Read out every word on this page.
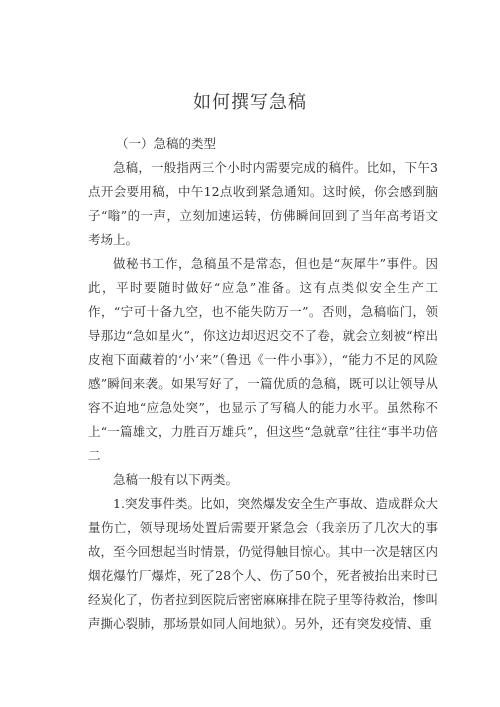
如何撰写急稿

（一）急稿的类型

急稿，一般指两三个小时内需要完成的稿件。比如，下午3点开会要用稿，中午12点收到紧急通知。这时候，你会感到脑子“嗡”的一声，立刻加速运转，仿佛瞬间回到了当年高考语文考场上。

做秘书工作，急稿虽不是常态，但也是“灰犀牛”事件。因此，平时要随时做好“应急”准备。这有点类似安全生产工作，“宁可十备九空，也不能失防万一”。否则，急稿临门，领导那边“急如星火”，你这边却迟迟交不了卷，就会立刻被“榨出皮袍下面藏着的‘小’来”（鲁迅《一件小事》），“能力不足的风险感”瞬间来袭。如果写好了，一篇优质的急稿，既可以让领导从容不迫地“应急处突”，也显示了写稿人的能力水平。虽然称不上“一篇雄文，力胜百万雄兵”，但这些“急就章”往往“事半功倍二

急稿一般有以下两类。

1.突发事件类。比如，突然爆发安全生产事故、造成群众大量伤亡，领导现场处置后需要开紧急会（我亲历了几次大的事故，至今回想起当时情景，仍觉得触目惊心。其中一次是辖区内烟花爆竹厂爆炸，死了28个人、伤了50个，死者被抬出来时已经炭化了，伤者拉到医院后密密麻麻排在院子里等待救治，惨叫声撕心裂肺，那场景如同人间地狱）。另外，还有突发疫情、重
